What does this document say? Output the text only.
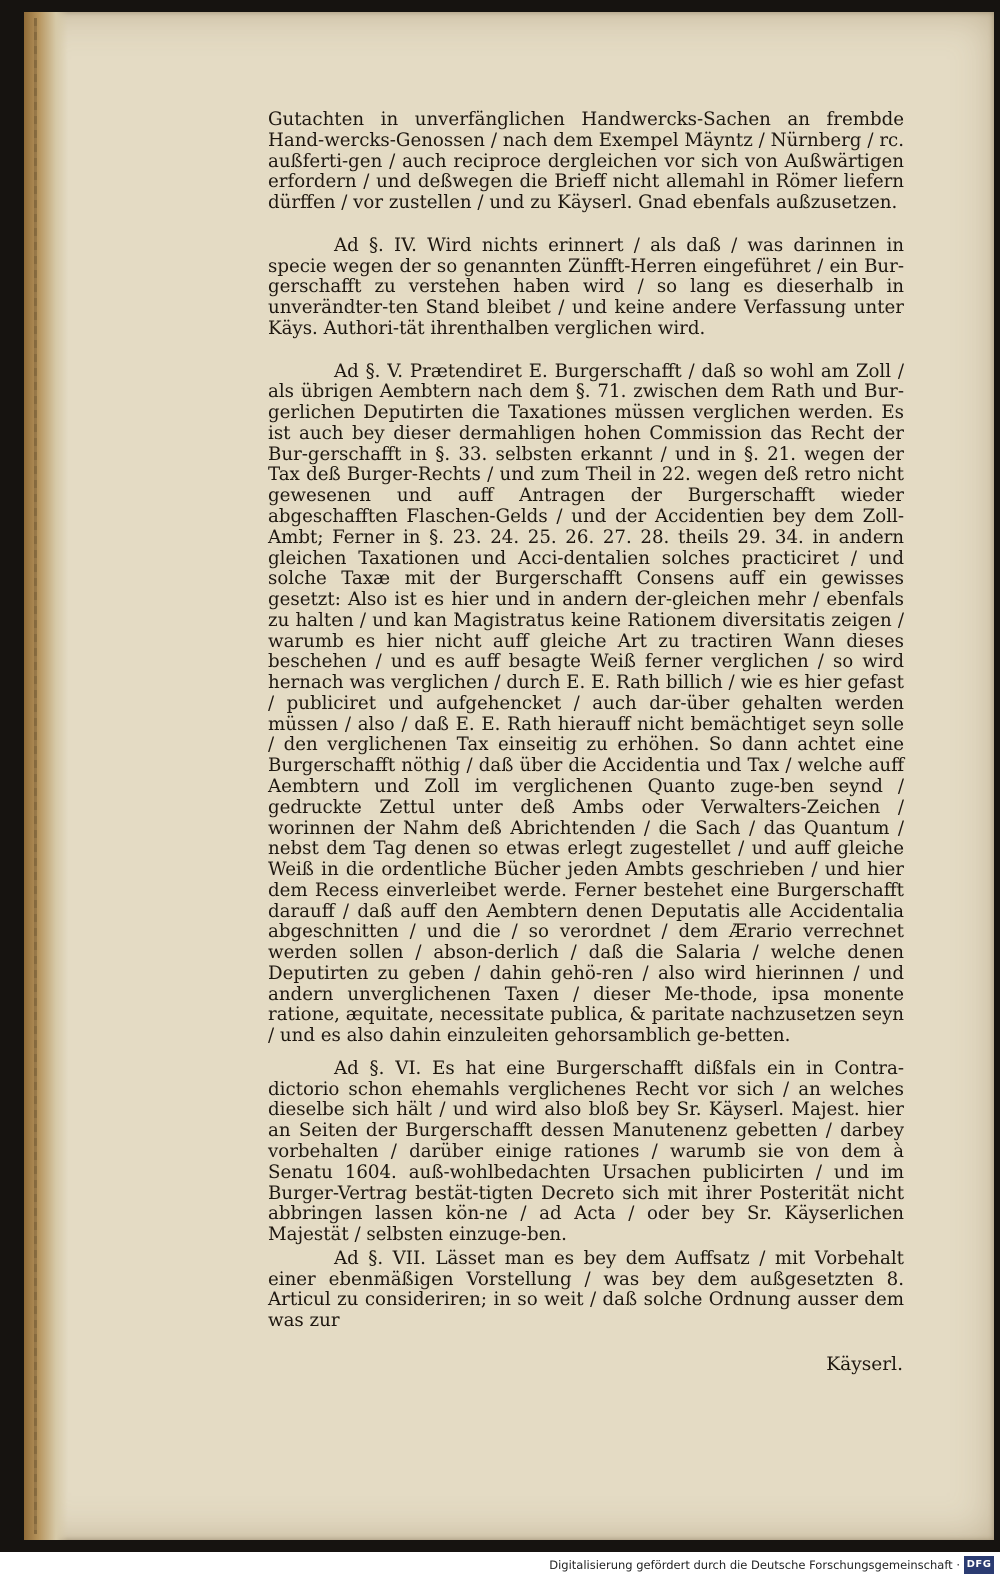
Gutachten in unverfänglichen Handwercks-Sachen an frembde Hand-wercks-Genossen / nach dem Exempel Mäyntz / Nürnberg / rc. außferti-gen / auch reciproce dergleichen vor sich von Außwärtigen erfordern / und deßwegen die Brieff nicht allemahl in Römer liefern dürffen / vor zustellen / und zu Käyserl. Gnad ebenfals außzusetzen.

Ad §. IV. Wird nichts erinnert / als daß / was darinnen in specie wegen der so genannten Zünfft-Herren eingeführet / ein Bur-gerschafft zu verstehen haben wird / so lang es dieserhalb in unverändter-ten Stand bleibet / und keine andere Verfassung unter Käys. Authori-tät ihrenthalben verglichen wird.

Ad §. V. Prætendiret E. Burgerschafft / daß so wohl am Zoll / als übrigen Aembtern nach dem §. 71. zwischen dem Rath und Bur-gerlichen Deputirten die Taxationes müssen verglichen werden. Es ist auch bey dieser dermahligen hohen Commission das Recht der Bur-gerschafft in §. 33. selbsten erkannt / und in §. 21. wegen der Tax deß Burger-Rechts / und zum Theil in 22. wegen deß retro nicht gewesenen und auff Antragen der Burgerschafft wieder abgeschafften Flaschen-Gelds / und der Accidentien bey dem Zoll-Ambt; Ferner in §. 23. 24. 25. 26. 27. 28. theils 29. 34. in andern gleichen Taxationen und Acci-dentalien solches practiciret / und solche Taxæ mit der Burgerschafft Consens auff ein gewisses gesetzt: Also ist es hier und in andern der-gleichen mehr / ebenfals zu halten / und kan Magistratus keine Rationem diversitatis zeigen / warumb es hier nicht auff gleiche Art zu tractiren Wann dieses beschehen / und es auff besagte Weiß ferner verglichen / so wird hernach was verglichen / durch E. E. Rath billich / wie es hier gefast / publiciret und aufgehencket / auch dar-über gehalten werden müssen / also / daß E. E. Rath hierauff nicht bemächtiget seyn solle / den verglichenen Tax einseitig zu erhöhen. So dann achtet eine Burgerschafft nöthig / daß über die Accidentia und Tax / welche auff Aembtern und Zoll im verglichenen Quanto zuge-ben seynd / gedruckte Zettul unter deß Ambs oder Verwalters-Zeichen / worinnen der Nahm deß Abrichtenden / die Sach / das Quantum / nebst dem Tag denen so etwas erlegt zugestellet / und auff gleiche Weiß in die ordentliche Bücher jeden Ambts geschrieben / und hier dem Recess einverleibet werde. Ferner bestehet eine Burgerschafft darauff / daß auff den Aembtern denen Deputatis alle Accidentalia abgeschnitten / und die / so verordnet / dem Ærario verrechnet werden sollen / abson-derlich / daß die Salaria / welche denen Deputirten zu geben / dahin gehö-ren / also wird hierinnen / und andern unverglichenen Taxen / dieser Me-thode, ipsa monente ratione, æquitate, necessitate publica, & paritate nachzusetzen seyn / und es also dahin einzuleiten gehorsamblich ge-betten.

Ad §. VI. Es hat eine Burgerschafft dißfals ein in Contra-dictorio schon ehemahls verglichenes Recht vor sich / an welches dieselbe sich hält / und wird also bloß bey Sr. Käyserl. Majest. hier an Seiten der Burgerschafft dessen Manutenenz gebetten / darbey vorbehalten / darüber einige rationes / warumb sie von dem à Senatu 1604. auß-wohlbedachten Ursachen publicirten / und im Burger-Vertrag bestät-tigten Decreto sich mit ihrer Posterität nicht abbringen lassen kön-ne / ad Acta / oder bey Sr. Käyserlichen Majestät / selbsten einzuge-ben.

Ad §. VII. Lässet man es bey dem Auffsatz / mit Vorbehalt einer ebenmäßigen Vorstellung / was bey dem außgesetzten 8. Articul zu consideriren; in so weit / daß solche Ordnung ausser dem was zur

Käyserl.
Digitalisierung gefördert durch die Deutsche Forschungsgemeinschaft · DFG
